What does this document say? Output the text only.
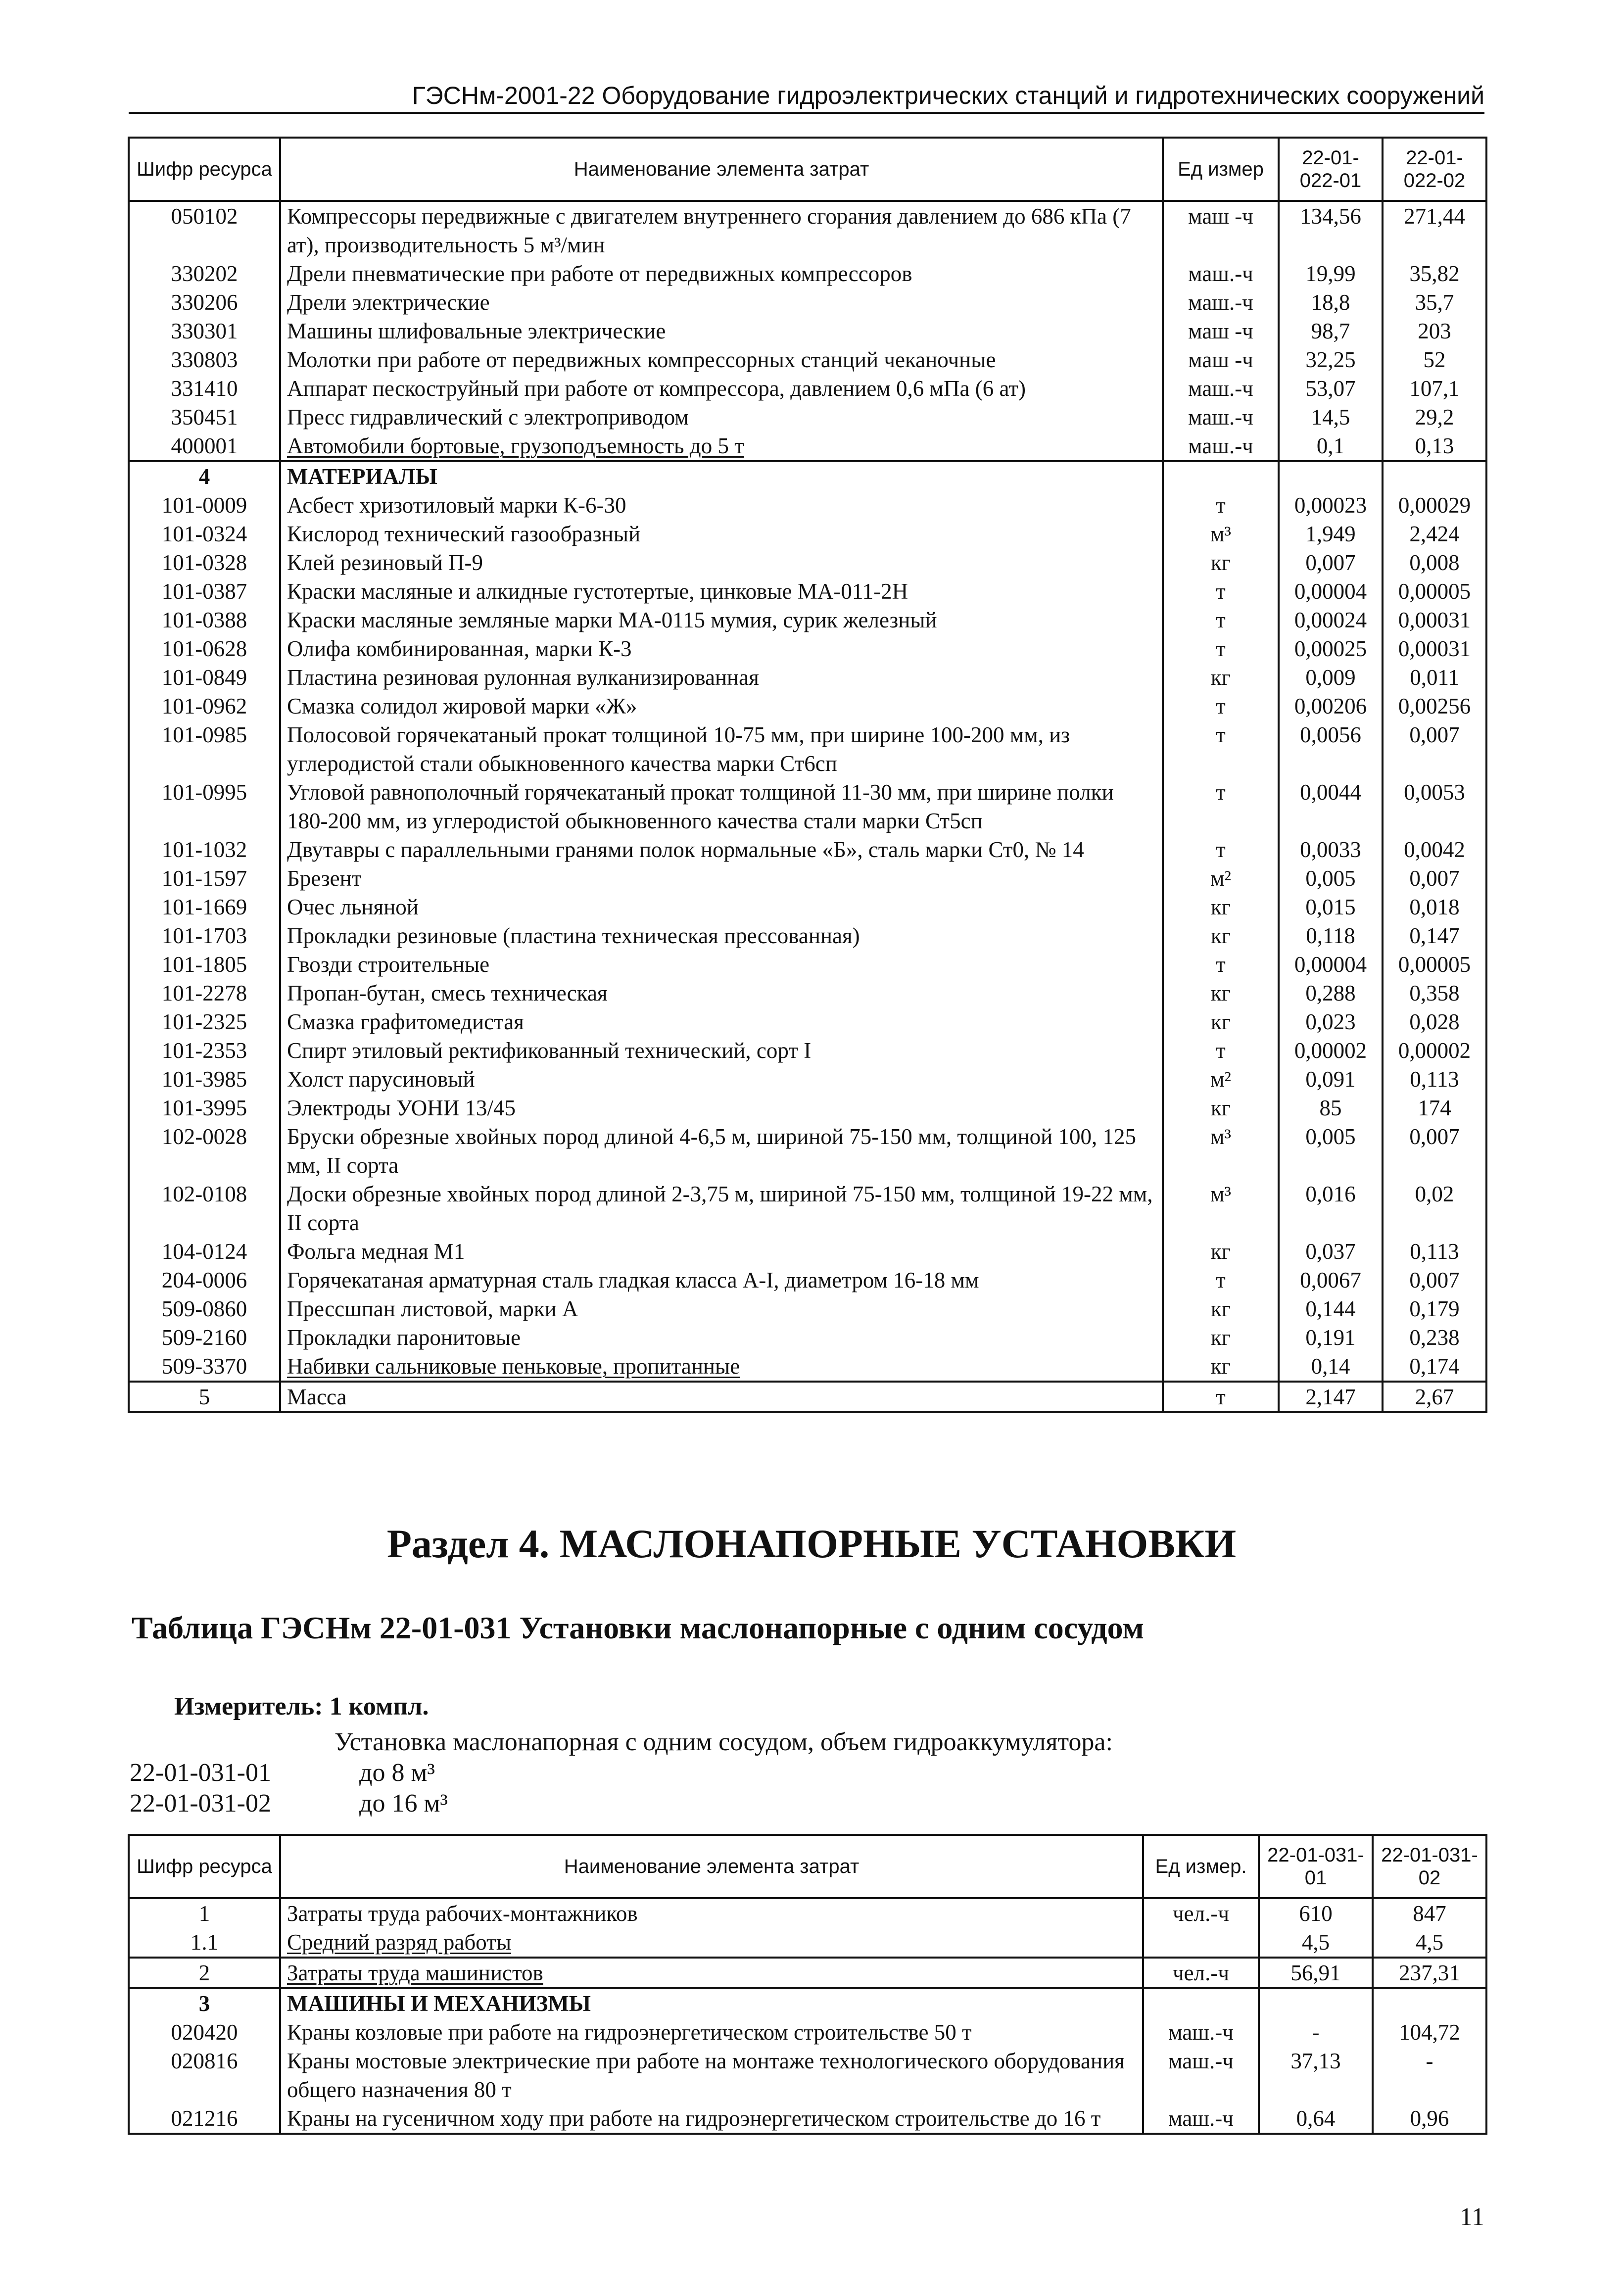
ГЭСНм-2001-22 Оборудование гидроэлектрических станций и гидротехнических сооружений
Шифр ресурса	Наименование элемента затрат	Ед измер	22-01-022-01	22-01-022-02
050102	Компрессоры передвижные с двигателем внутреннего сгорания давлением до 686 кПа (7 ат), производительность 5 м³/мин	маш -ч	134,56	271,44
330202	Дрели пневматические при работе от передвижных компрессоров	маш.-ч	19,99	35,82
330206	Дрели электрические	маш.-ч	18,8	35,7
330301	Машины шлифовальные электрические	маш -ч	98,7	203
330803	Молотки при работе от передвижных компрессорных станций чеканочные	маш -ч	32,25	52
331410	Аппарат пескоструйный при работе от компрессора, давлением 0,6 мПа (6 ат)	маш.-ч	53,07	107,1
350451	Пресс гидравлический с электроприводом	маш.-ч	14,5	29,2
400001	Автомобили бортовые, грузоподъемность до 5 т	маш.-ч	0,1	0,13
4	МАТЕРИАЛЫ			
101-0009	Асбест хризотиловый марки К-6-30	т	0,00023	0,00029
101-0324	Кислород технический газообразный	м³	1,949	2,424
101-0328	Клей резиновый П-9	кг	0,007	0,008
101-0387	Краски масляные и алкидные густотертые, цинковые МА-011-2Н	т	0,00004	0,00005
101-0388	Краски масляные земляные марки МА-0115 мумия, сурик железный	т	0,00024	0,00031
101-0628	Олифа комбинированная, марки К-3	т	0,00025	0,00031
101-0849	Пластина резиновая рулонная вулканизированная	кг	0,009	0,011
101-0962	Смазка солидол жировой марки «Ж»	т	0,00206	0,00256
101-0985	Полосовой горячекатаный прокат толщиной 10-75 мм, при ширине 100-200 мм, из углеродистой стали обыкновенного качества марки Ст6сп	т	0,0056	0,007
101-0995	Угловой равнополочный горячекатаный прокат толщиной 11-30 мм, при ширине полки 180-200 мм, из углеродистой обыкновенного качества стали марки Ст5сп	т	0,0044	0,0053
101-1032	Двутавры с параллельными гранями полок нормальные «Б», сталь марки Ст0, № 14	т	0,0033	0,0042
101-1597	Брезент	м²	0,005	0,007
101-1669	Очес льняной	кг	0,015	0,018
101-1703	Прокладки резиновые (пластина техническая прессованная)	кг	0,118	0,147
101-1805	Гвозди строительные	т	0,00004	0,00005
101-2278	Пропан-бутан, смесь техническая	кг	0,288	0,358
101-2325	Смазка графитомедистая	кг	0,023	0,028
101-2353	Спирт этиловый ректификованный технический, сорт I	т	0,00002	0,00002
101-3985	Холст парусиновый	м²	0,091	0,113
101-3995	Электроды УОНИ 13/45	кг	85	174
102-0028	Бруски обрезные хвойных пород длиной 4-6,5 м, шириной 75-150 мм, толщиной 100, 125 мм, II сорта	м³	0,005	0,007
102-0108	Доски обрезные хвойных пород длиной 2-3,75 м, шириной 75-150 мм, толщиной 19-22 мм, II сорта	м³	0,016	0,02
104-0124	Фольга медная М1	кг	0,037	0,113
204-0006	Горячекатаная арматурная сталь гладкая класса А-I, диаметром 16-18 мм	т	0,0067	0,007
509-0860	Прессшпан листовой, марки А	кг	0,144	0,179
509-2160	Прокладки паронитовые	кг	0,191	0,238
509-3370	Набивки сальниковые пеньковые, пропитанные	кг	0,14	0,174
5	Масса	т	2,147	2,67
Раздел 4. МАСЛОНАПОРНЫЕ УСТАНОВКИ
Таблица ГЭСНм 22-01-031 Установки маслонапорные с одним сосудом
Измеритель: 1 компл.
Установка маслонапорная с одним сосудом, объем гидроаккумулятора:
22-01-031-01	до 8 м³
22-01-031-02	до 16 м³
Шифр ресурса	Наименование элемента затрат	Ед измер.	22-01-031-01	22-01-031-02
1	Затраты труда рабочих-монтажников	чел.-ч	610	847
1.1	Средний разряд работы		4,5	4,5
2	Затраты труда машинистов	чел.-ч	56,91	237,31
3	МАШИНЫ И МЕХАНИЗМЫ			
020420	Краны козловые при работе на гидроэнергетическом строительстве 50 т	маш.-ч	-	104,72
020816	Краны мостовые электрические при работе на монтаже технологического оборудования общего назначения 80 т	маш.-ч	37,13	-
021216	Краны на гусеничном ходу при работе на гидроэнергетическом строительстве до 16 т	маш.-ч	0,64	0,96
11
